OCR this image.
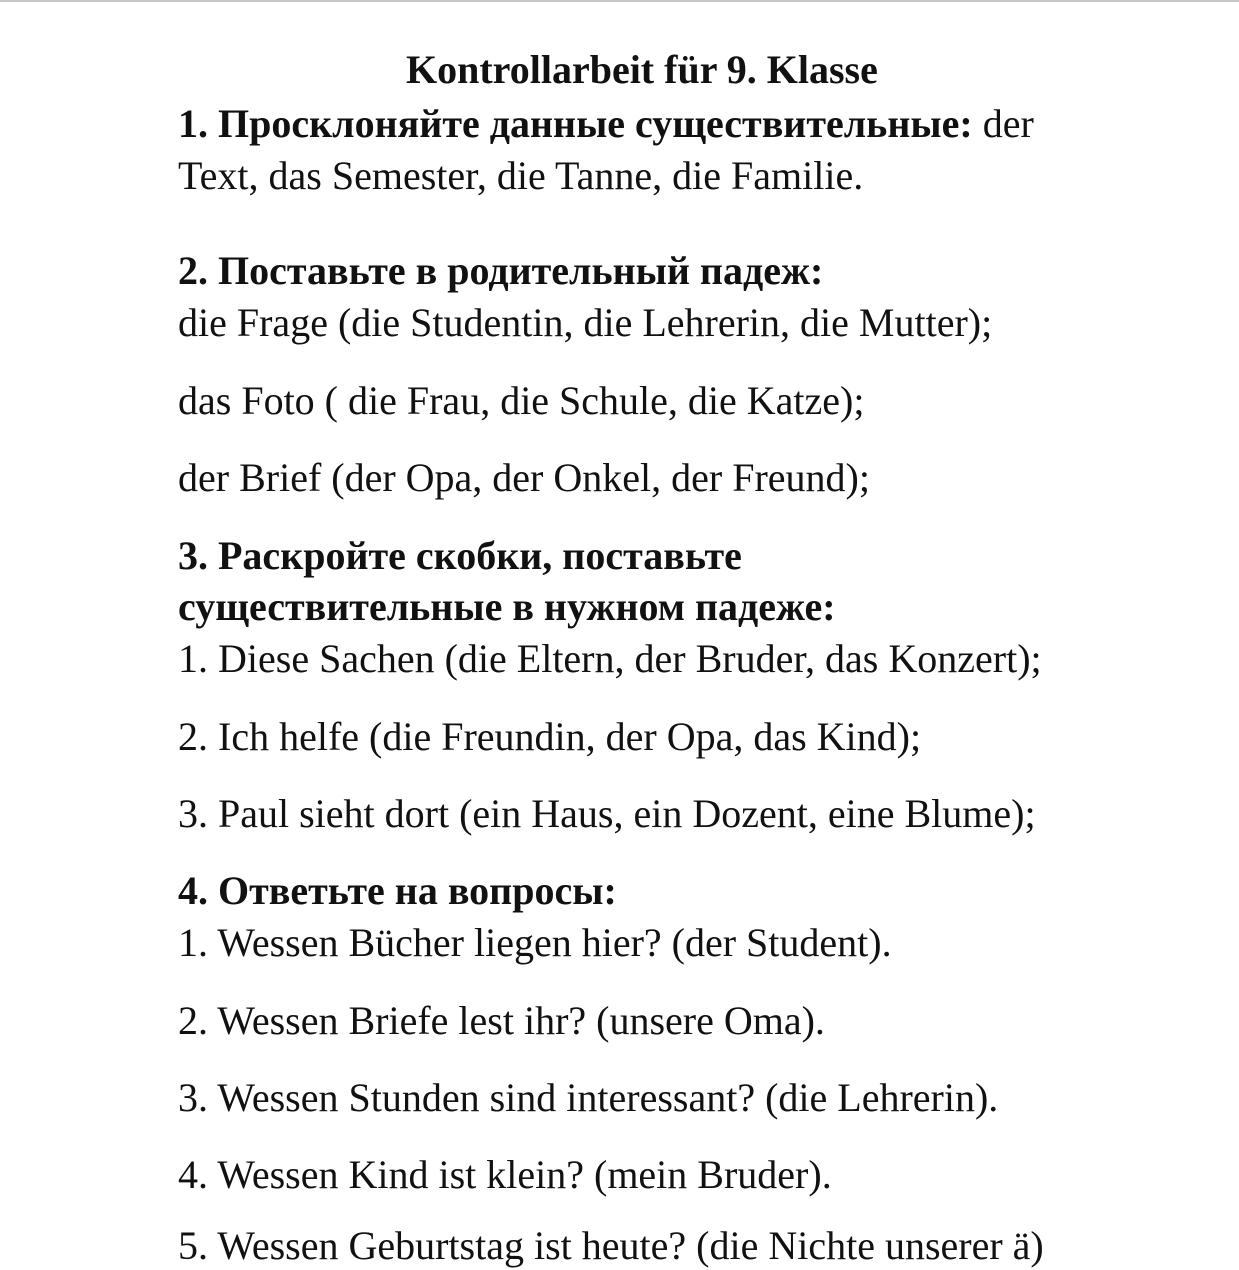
Kontrollarbeit für 9. Klasse

1. Просклоняйте данные существительные: der

Text, das Semester, die Tanne, die Familie.

2. Поставьте в родительный падеж:

die Frage (die Studentin, die Lehrerin, die Mutter);

das Foto ( die Frau, die Schule, die Katze);

der Brief (der Opa, der Onkel, der Freund);

3. Раскройте скобки, поставьте

существительные в нужном падеже:

1. Diese Sachen (die Eltern, der Bruder, das Konzert);

2. Ich helfe (die Freundin, der Opa, das Kind);

3. Paul sieht dort (ein Haus, ein Dozent, eine Blume);

4. Ответьте на вопросы:

1. Wessen Bücher liegen hier? (der Student).

2. Wessen Briefe lest ihr? (unsere Oma).

3. Wessen Stunden sind interessant? (die Lehrerin).

4. Wessen Kind ist klein? (mein Bruder).

5. Wessen Geburtstag ist heute? (die Nichte unserer ä)
